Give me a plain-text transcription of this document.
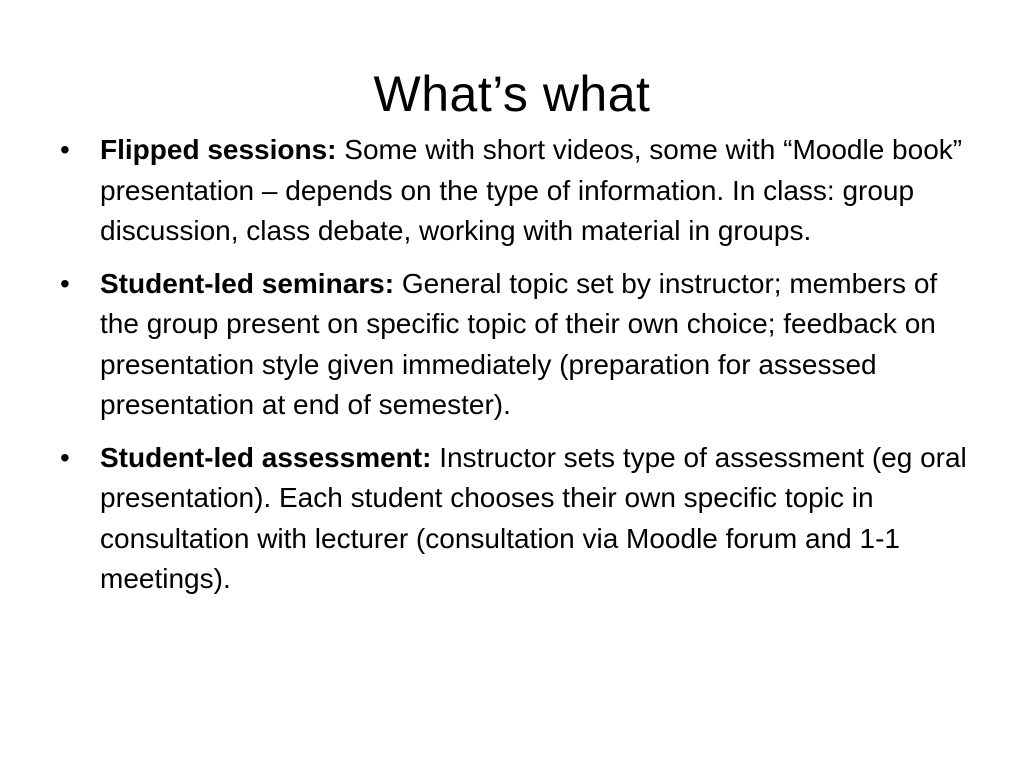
What’s what
•	Flipped sessions: Some with short videos, some with “Moodle book” presentation – depends on the type of information. In class: group discussion, class debate, working with material in groups.
•	Student-led seminars: General topic set by instructor; members of the group present on specific topic of their own choice; feedback on presentation style given immediately (preparation for assessed presentation at end of semester).
•	Student-led assessment: Instructor sets type of assessment (eg oral presentation). Each student chooses their own specific topic in consultation with lecturer (consultation via Moodle forum and 1-1 meetings).
